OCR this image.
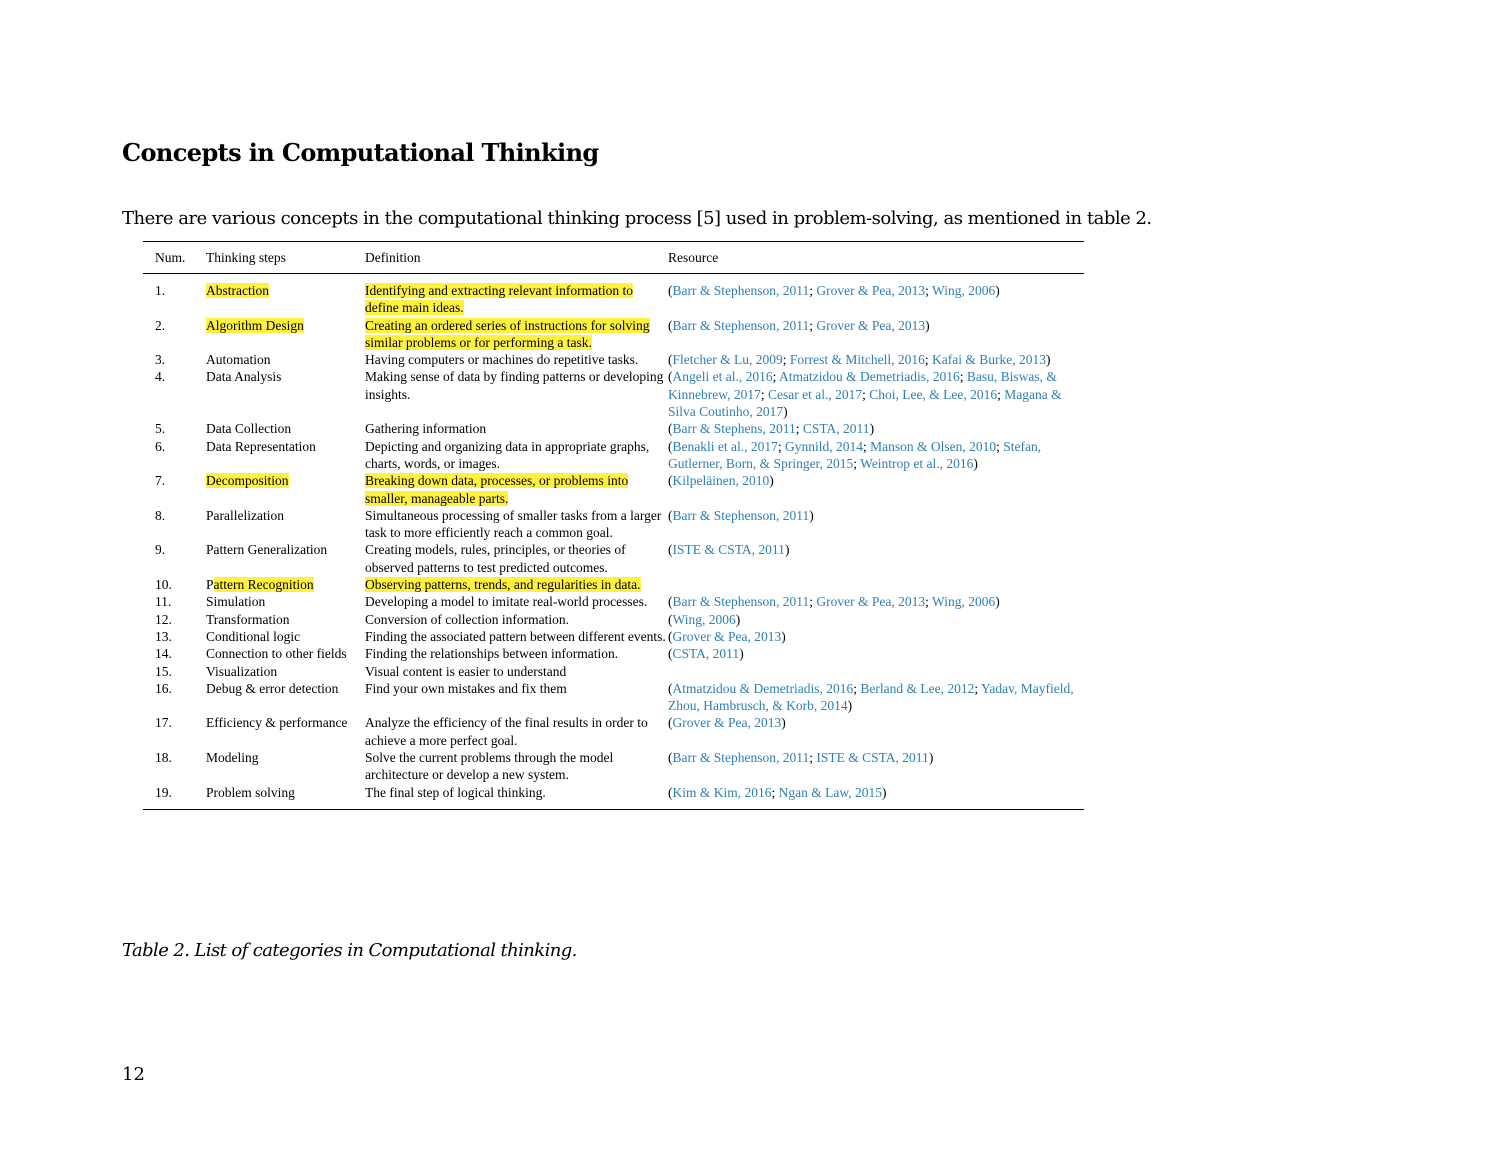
Concepts in Computational Thinking

There are various concepts in the computational thinking process [5] used in problem-solving, as mentioned in table 2.

Num.	Thinking steps	Definition	Resource
1.	Abstraction	Identifying and extracting relevant information to define main ideas.	(Barr & Stephenson, 2011; Grover & Pea, 2013; Wing, 2006)
2.	Algorithm Design	Creating an ordered series of instructions for solving similar problems or for performing a task.	(Barr & Stephenson, 2011; Grover & Pea, 2013)
3.	Automation	Having computers or machines do repetitive tasks.	(Fletcher & Lu, 2009; Forrest & Mitchell, 2016; Kafai & Burke, 2013)
4.	Data Analysis	Making sense of data by finding patterns or developing insights.	(Angeli et al., 2016; Atmatzidou & Demetriadis, 2016; Basu, Biswas, & Kinnebrew, 2017; Cesar et al., 2017; Choi, Lee, & Lee, 2016; Magana & Silva Coutinho, 2017)
5.	Data Collection	Gathering information	(Barr & Stephens, 2011; CSTA, 2011)
6.	Data Representation	Depicting and organizing data in appropriate graphs, charts, words, or images.	(Benakli et al., 2017; Gynnild, 2014; Manson & Olsen, 2010; Stefan, Gutlerner, Born, & Springer, 2015; Weintrop et al., 2016)
7.	Decomposition	Breaking down data, processes, or problems into smaller, manageable parts.	(Kilpeläinen, 2010)
8.	Parallelization	Simultaneous processing of smaller tasks from a larger task to more efficiently reach a common goal.	(Barr & Stephenson, 2011)
9.	Pattern Generalization	Creating models, rules, principles, or theories of observed patterns to test predicted outcomes.	(ISTE & CSTA, 2011)
10.	Pattern Recognition	Observing patterns, trends, and regularities in data.	
11.	Simulation	Developing a model to imitate real-world processes.	(Barr & Stephenson, 2011; Grover & Pea, 2013; Wing, 2006)
12.	Transformation	Conversion of collection information.	(Wing, 2006)
13.	Conditional logic	Finding the associated pattern between different events.	(Grover & Pea, 2013)
14.	Connection to other fields	Finding the relationships between information.	(CSTA, 2011)
15.	Visualization	Visual content is easier to understand	
16.	Debug & error detection	Find your own mistakes and fix them	(Atmatzidou & Demetriadis, 2016; Berland & Lee, 2012; Yadav, Mayfield, Zhou, Hambrusch, & Korb, 2014)
17.	Efficiency & performance	Analyze the efficiency of the final results in order to achieve a more perfect goal.	(Grover & Pea, 2013)
18.	Modeling	Solve the current problems through the model architecture or develop a new system.	(Barr & Stephenson, 2011; ISTE & CSTA, 2011)
19.	Problem solving	The final step of logical thinking.	(Kim & Kim, 2016; Ngan & Law, 2015)

Table 2. List of categories in Computational thinking.

12
